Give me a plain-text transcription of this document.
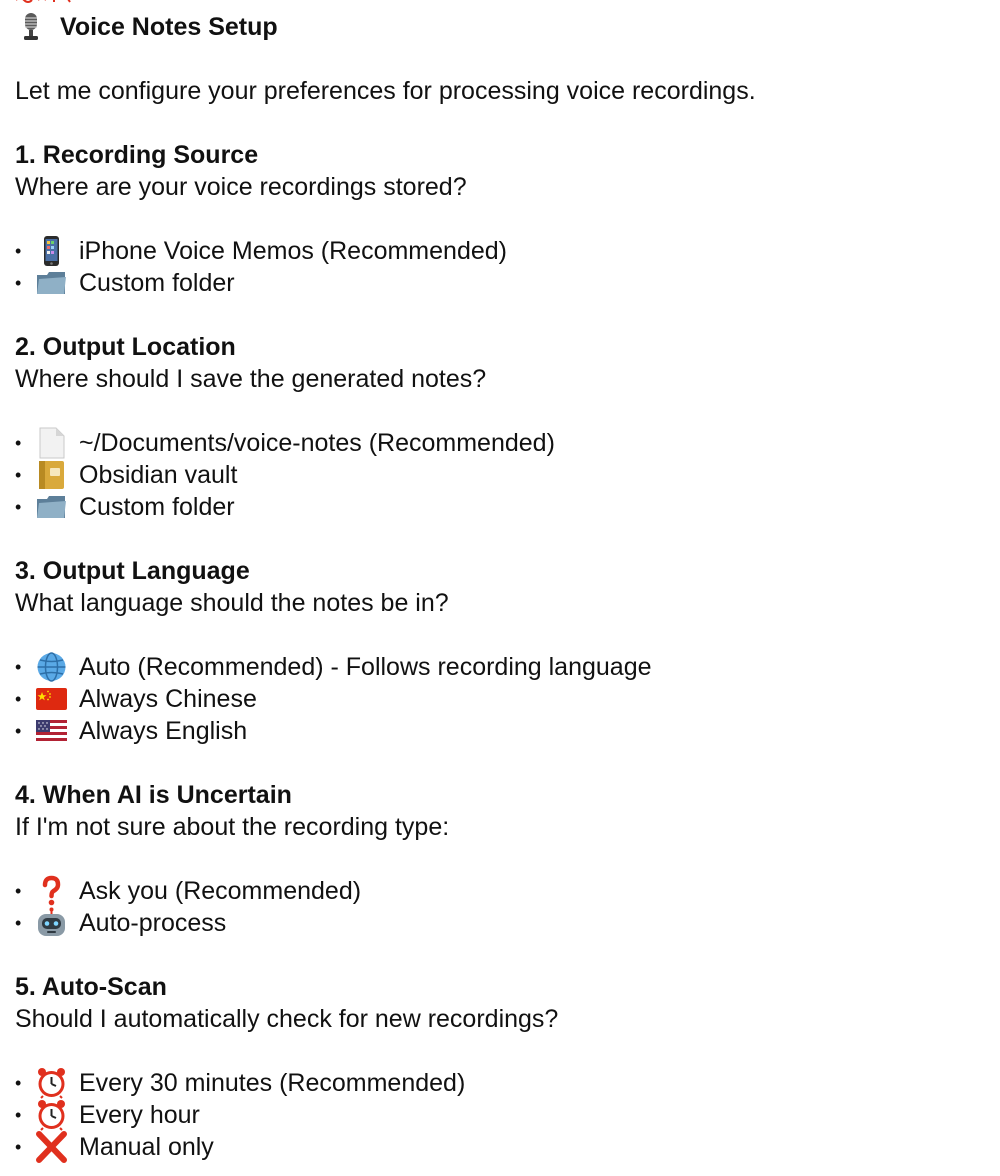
Voice Notes Setup
Let me configure your preferences for processing voice recordings.
1. Recording Source
Where are your voice recordings stored?
•	iPhone Voice Memos (Recommended)
•	Custom folder
2. Output Location
Where should I save the generated notes?
•	~/Documents/voice-notes (Recommended)
•	Obsidian vault
•	Custom folder
3. Output Language
What language should the notes be in?
•	Auto (Recommended) - Follows recording language
•	Always Chinese
•	Always English
4. When AI is Uncertain
If I'm not sure about the recording type:
•	Ask you (Recommended)
•	Auto-process
5. Auto-Scan
Should I automatically check for new recordings?
•	Every 30 minutes (Recommended)
•	Every hour
•	Manual only
